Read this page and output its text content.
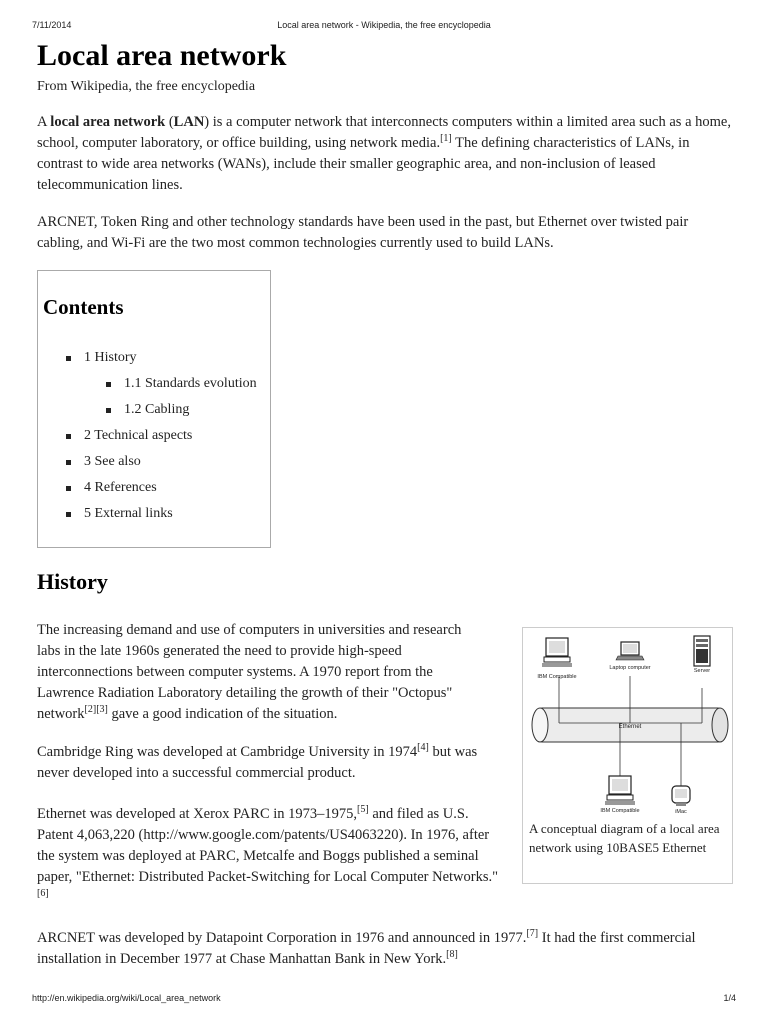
7/11/2014	Local area network - Wikipedia, the free encyclopedia
Local area network
From Wikipedia, the free encyclopedia

A local area network (LAN) is a computer network that interconnects computers within a limited area such as a home, school, computer laboratory, or office building, using network media.[1] The defining characteristics of LANs, in contrast to wide area networks (WANs), include their smaller geographic area, and non-inclusion of leased telecommunication lines.

ARCNET, Token Ring and other technology standards have been used in the past, but Ethernet over twisted pair cabling, and Wi-Fi are the two most common technologies currently used to build LANs.

Contents
1 History
1.1 Standards evolution
1.2 Cabling
2 Technical aspects
3 See also
4 References
5 External links
History

The increasing demand and use of computers in universities and research labs in the late 1960s generated the need to provide high-speed interconnections between computer systems. A 1970 report from the Lawrence Radiation Laboratory detailing the growth of their "Octopus" network[2][3] gave a good indication of the situation.

Cambridge Ring was developed at Cambridge University in 1974[4] but was never developed into a successful commercial product.

Ethernet was developed at Xerox PARC in 1973–1975,[5] and filed as U.S. Patent 4,063,220 (http://www.google.com/patents/US4063220). In 1976, after the system was deployed at PARC, Metcalfe and Boggs published a seminal paper, "Ethernet: Distributed Packet-Switching for Local Computer Networks."[6]

ARCNET was developed by Datapoint Corporation in 1976 and announced in 1977.[7] It had the first commercial installation in December 1977 at Chase Manhattan Bank in New York.[8]

IBM Compatible
Laptop computer	Server
Ethernet
IBM Compatible	iMac
A conceptual diagram of a local area network using 10BASE5 Ethernet
http://en.wikipedia.org/wiki/Local_area_network	1/4
